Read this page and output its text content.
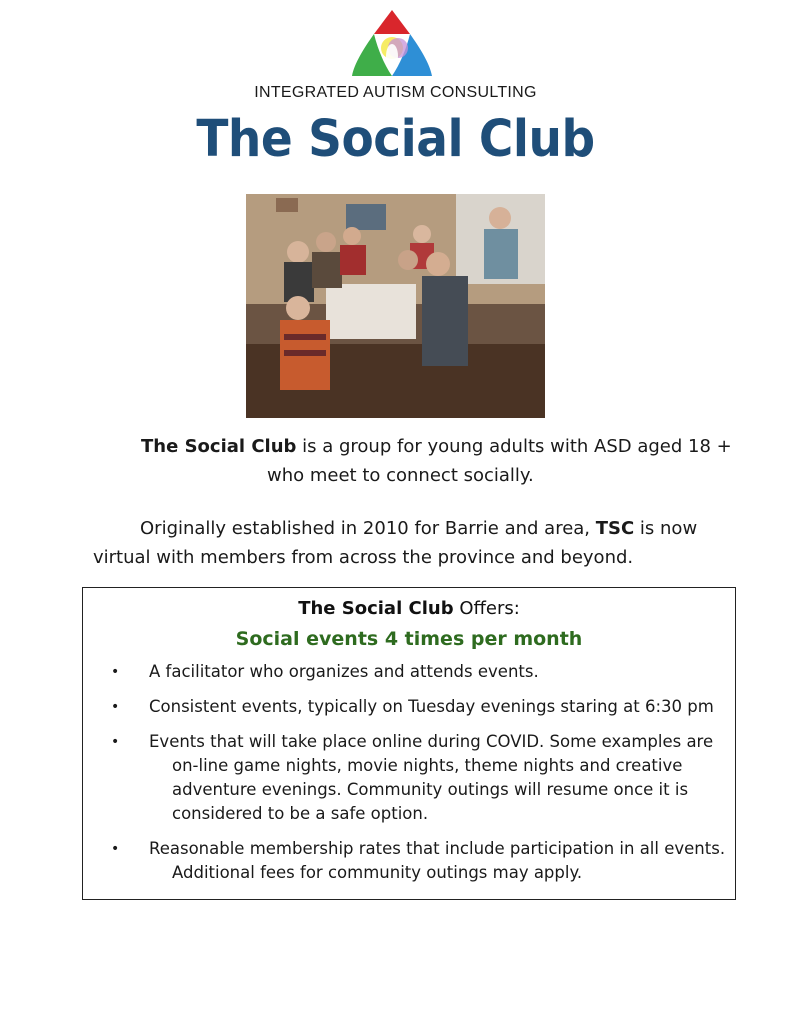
INTEGRATED AUTISM CONSULTING
The Social Club
The Social Club is a group for young adults with ASD aged 18 +
who meet to connect socially.
Originally established in 2010 for Barrie and area, TSC is now
virtual with members from across the province and beyond.
The Social Club Offers:
Social events 4 times per month
•	A facilitator who organizes and attends events.
•	Consistent events, typically on Tuesday evenings staring at 6:30 pm
•	Events that will take place online during COVID. Some examples are
on-line game nights, movie nights, theme nights and creative
adventure evenings. Community outings will resume once it is
considered to be a safe option.
•	Reasonable membership rates that include participation in all events.
Additional fees for community outings may apply.
